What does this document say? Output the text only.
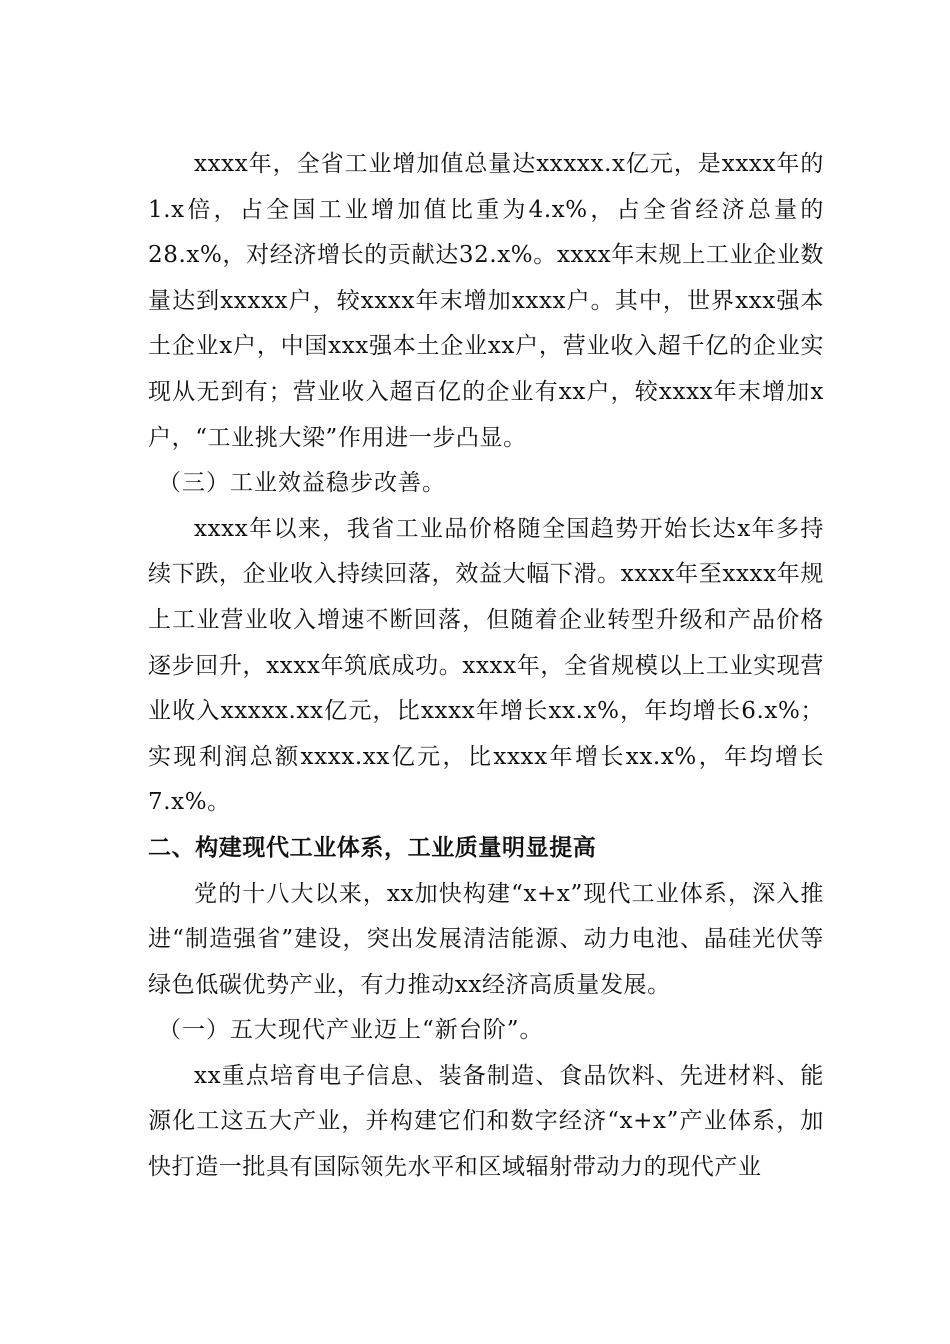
xxxx年，全省工业增加值总量达xxxxx.x亿元，是xxxx年的1.x倍，占全国工业增加值比重为4.x%，占全省经济总量的28.x%，对经济增长的贡献达32.x%。xxxx年末规上工业企业数量达到xxxxx户，较xxxx年末增加xxxx户。其中，世界xxx强本土企业x户，中国xxx强本土企业xx户，营业收入超千亿的企业实现从无到有；营业收入超百亿的企业有xx户，较xxxx年末增加x户，“工业挑大梁”作用进一步凸显。

（三）工业效益稳步改善。

xxxx年以来，我省工业品价格随全国趋势开始长达x年多持续下跌，企业收入持续回落，效益大幅下滑。xxxx年至xxxx年规上工业营业收入增速不断回落，但随着企业转型升级和产品价格逐步回升，xxxx年筑底成功。xxxx年，全省规模以上工业实现营业收入xxxxx.xx亿元，比xxxx年增长xx.x%，年均增长6.x%；实现利润总额xxxx.xx亿元，比xxxx年增长xx.x%，年均增长7.x%。

二、构建现代工业体系，工业质量明显提高

党的十八大以来，xx加快构建“x+x”现代工业体系，深入推进“制造强省”建设，突出发展清洁能源、动力电池、晶硅光伏等绿色低碳优势产业，有力推动xx经济高质量发展。

（一）五大现代产业迈上“新台阶”。

xx重点培育电子信息、装备制造、食品饮料、先进材料、能源化工这五大产业，并构建它们和数字经济“x+x”产业体系，加快打造一批具有国际领先水平和区域辐射带动力的现代产业
